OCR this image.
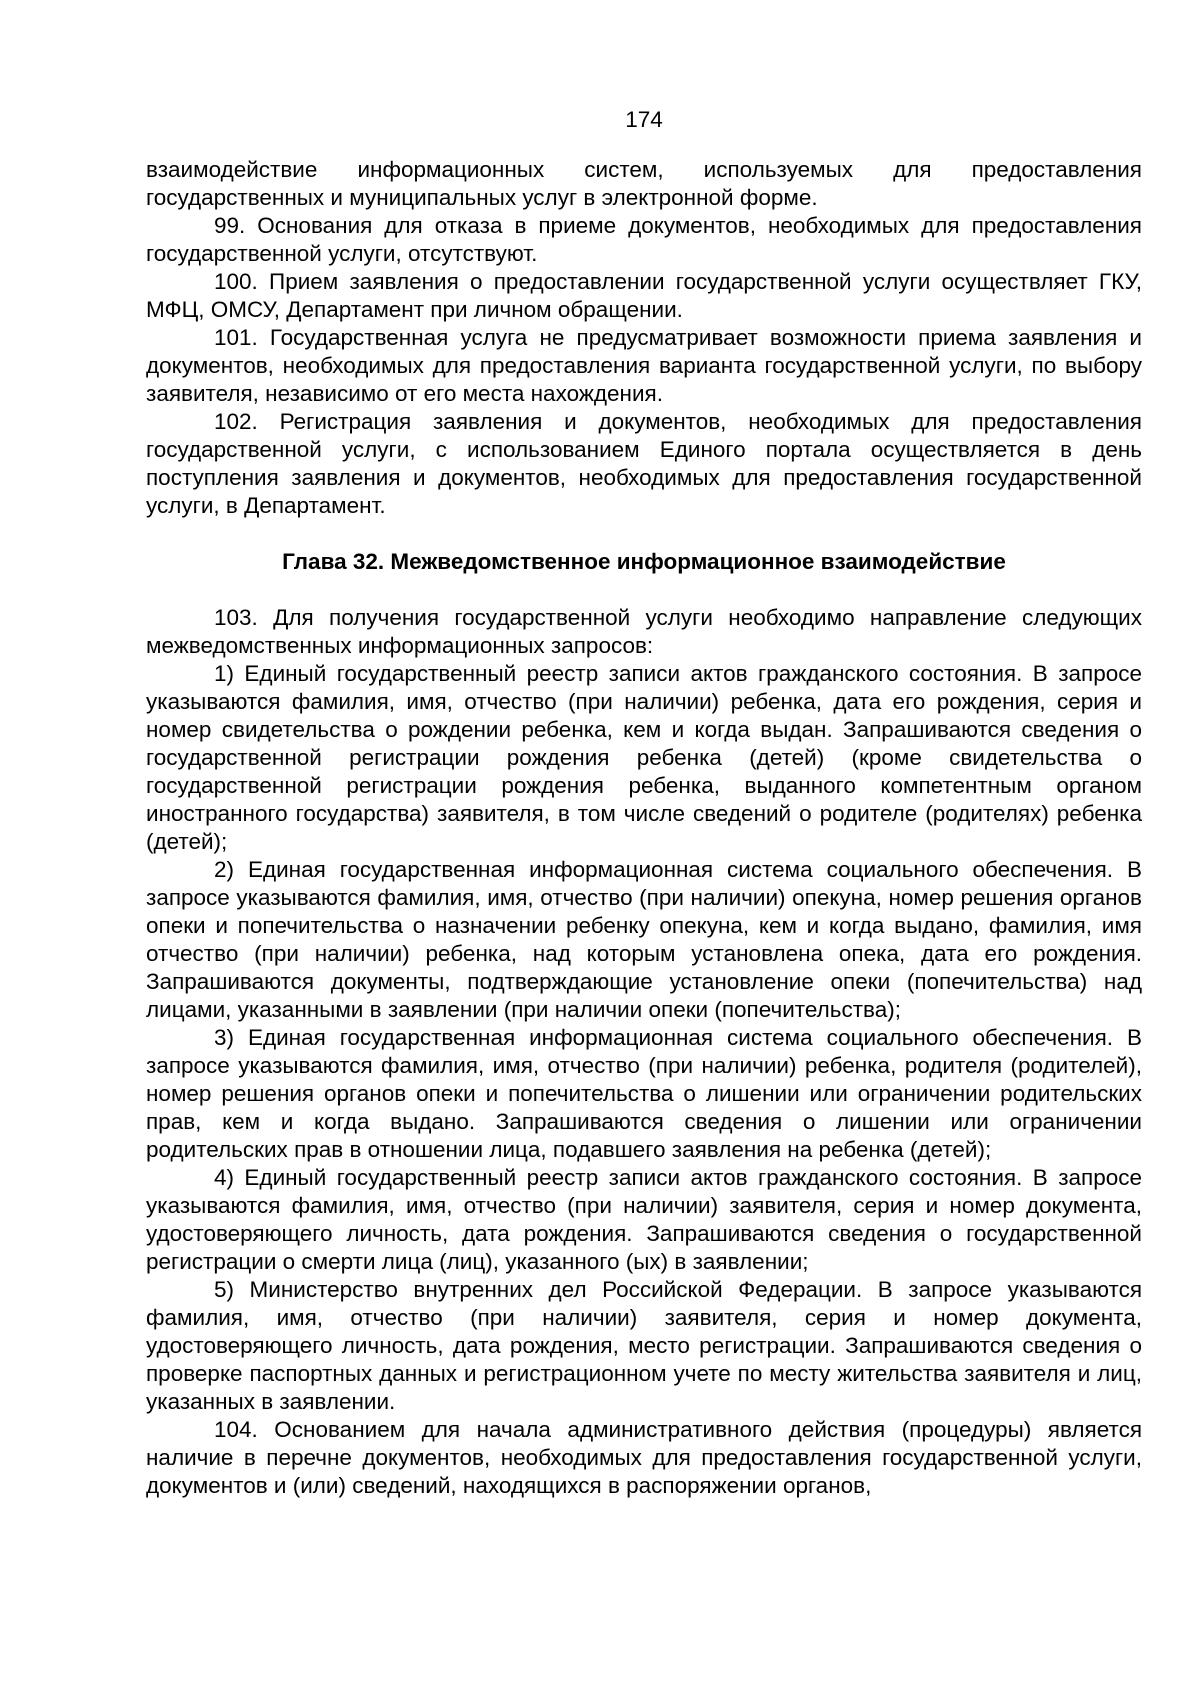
174

взаимодействие информационных систем, используемых для предоставления государственных и муниципальных услуг в электронной форме.

99. Основания для отказа в приеме документов, необходимых для предоставления государственной услуги, отсутствуют.

100. Прием заявления о предоставлении государственной услуги осуществляет ГКУ, МФЦ, ОМСУ, Департамент при личном обращении.

101. Государственная услуга не предусматривает возможности приема заявления и документов, необходимых для предоставления варианта государственной услуги, по выбору заявителя, независимо от его места нахождения.

102. Регистрация заявления и документов, необходимых для предоставления государственной услуги, с использованием Единого портала осуществляется в день поступления заявления и документов, необходимых для предоставления государственной услуги, в Департамент.

Глава 32. Межведомственное информационное взаимодействие

103. Для получения государственной услуги необходимо направление следующих межведомственных информационных запросов:

1) Единый государственный реестр записи актов гражданского состояния. В запросе указываются фамилия, имя, отчество (при наличии) ребенка, дата его рождения, серия и номер свидетельства о рождении ребенка, кем и когда выдан. Запрашиваются сведения о государственной регистрации рождения ребенка (детей) (кроме свидетельства о государственной регистрации рождения ребенка, выданного компетентным органом иностранного государства) заявителя, в том числе сведений о родителе (родителях) ребенка (детей);

2) Единая государственная информационная система социального обеспечения. В запросе указываются фамилия, имя, отчество (при наличии) опекуна, номер решения органов опеки и попечительства о назначении ребенку опекуна, кем и когда выдано, фамилия, имя отчество (при наличии) ребенка, над которым установлена опека, дата его рождения. Запрашиваются документы, подтверждающие установление опеки (попечительства) над лицами, указанными в заявлении (при наличии опеки (попечительства);

3) Единая государственная информационная система социального обеспечения. В запросе указываются фамилия, имя, отчество (при наличии) ребенка, родителя (родителей), номер решения органов опеки и попечительства о лишении или ограничении родительских прав, кем и когда выдано. Запрашиваются сведения о лишении или ограничении родительских прав в отношении лица, подавшего заявления на ребенка (детей);

4) Единый государственный реестр записи актов гражданского состояния. В запросе указываются фамилия, имя, отчество (при наличии) заявителя, серия и номер документа, удостоверяющего личность, дата рождения. Запрашиваются сведения о государственной регистрации о смерти лица (лиц), указанного (ых) в заявлении;

5) Министерство внутренних дел Российской Федерации. В запросе указываются фамилия, имя, отчество (при наличии) заявителя, серия и номер документа, удостоверяющего личность, дата рождения, место регистрации. Запрашиваются сведения о проверке паспортных данных и регистрационном учете по месту жительства заявителя и лиц, указанных в заявлении.

104. Основанием для начала административного действия (процедуры) является наличие в перечне документов, необходимых для предоставления государственной услуги, документов и (или) сведений, находящихся в распоряжении органов,
